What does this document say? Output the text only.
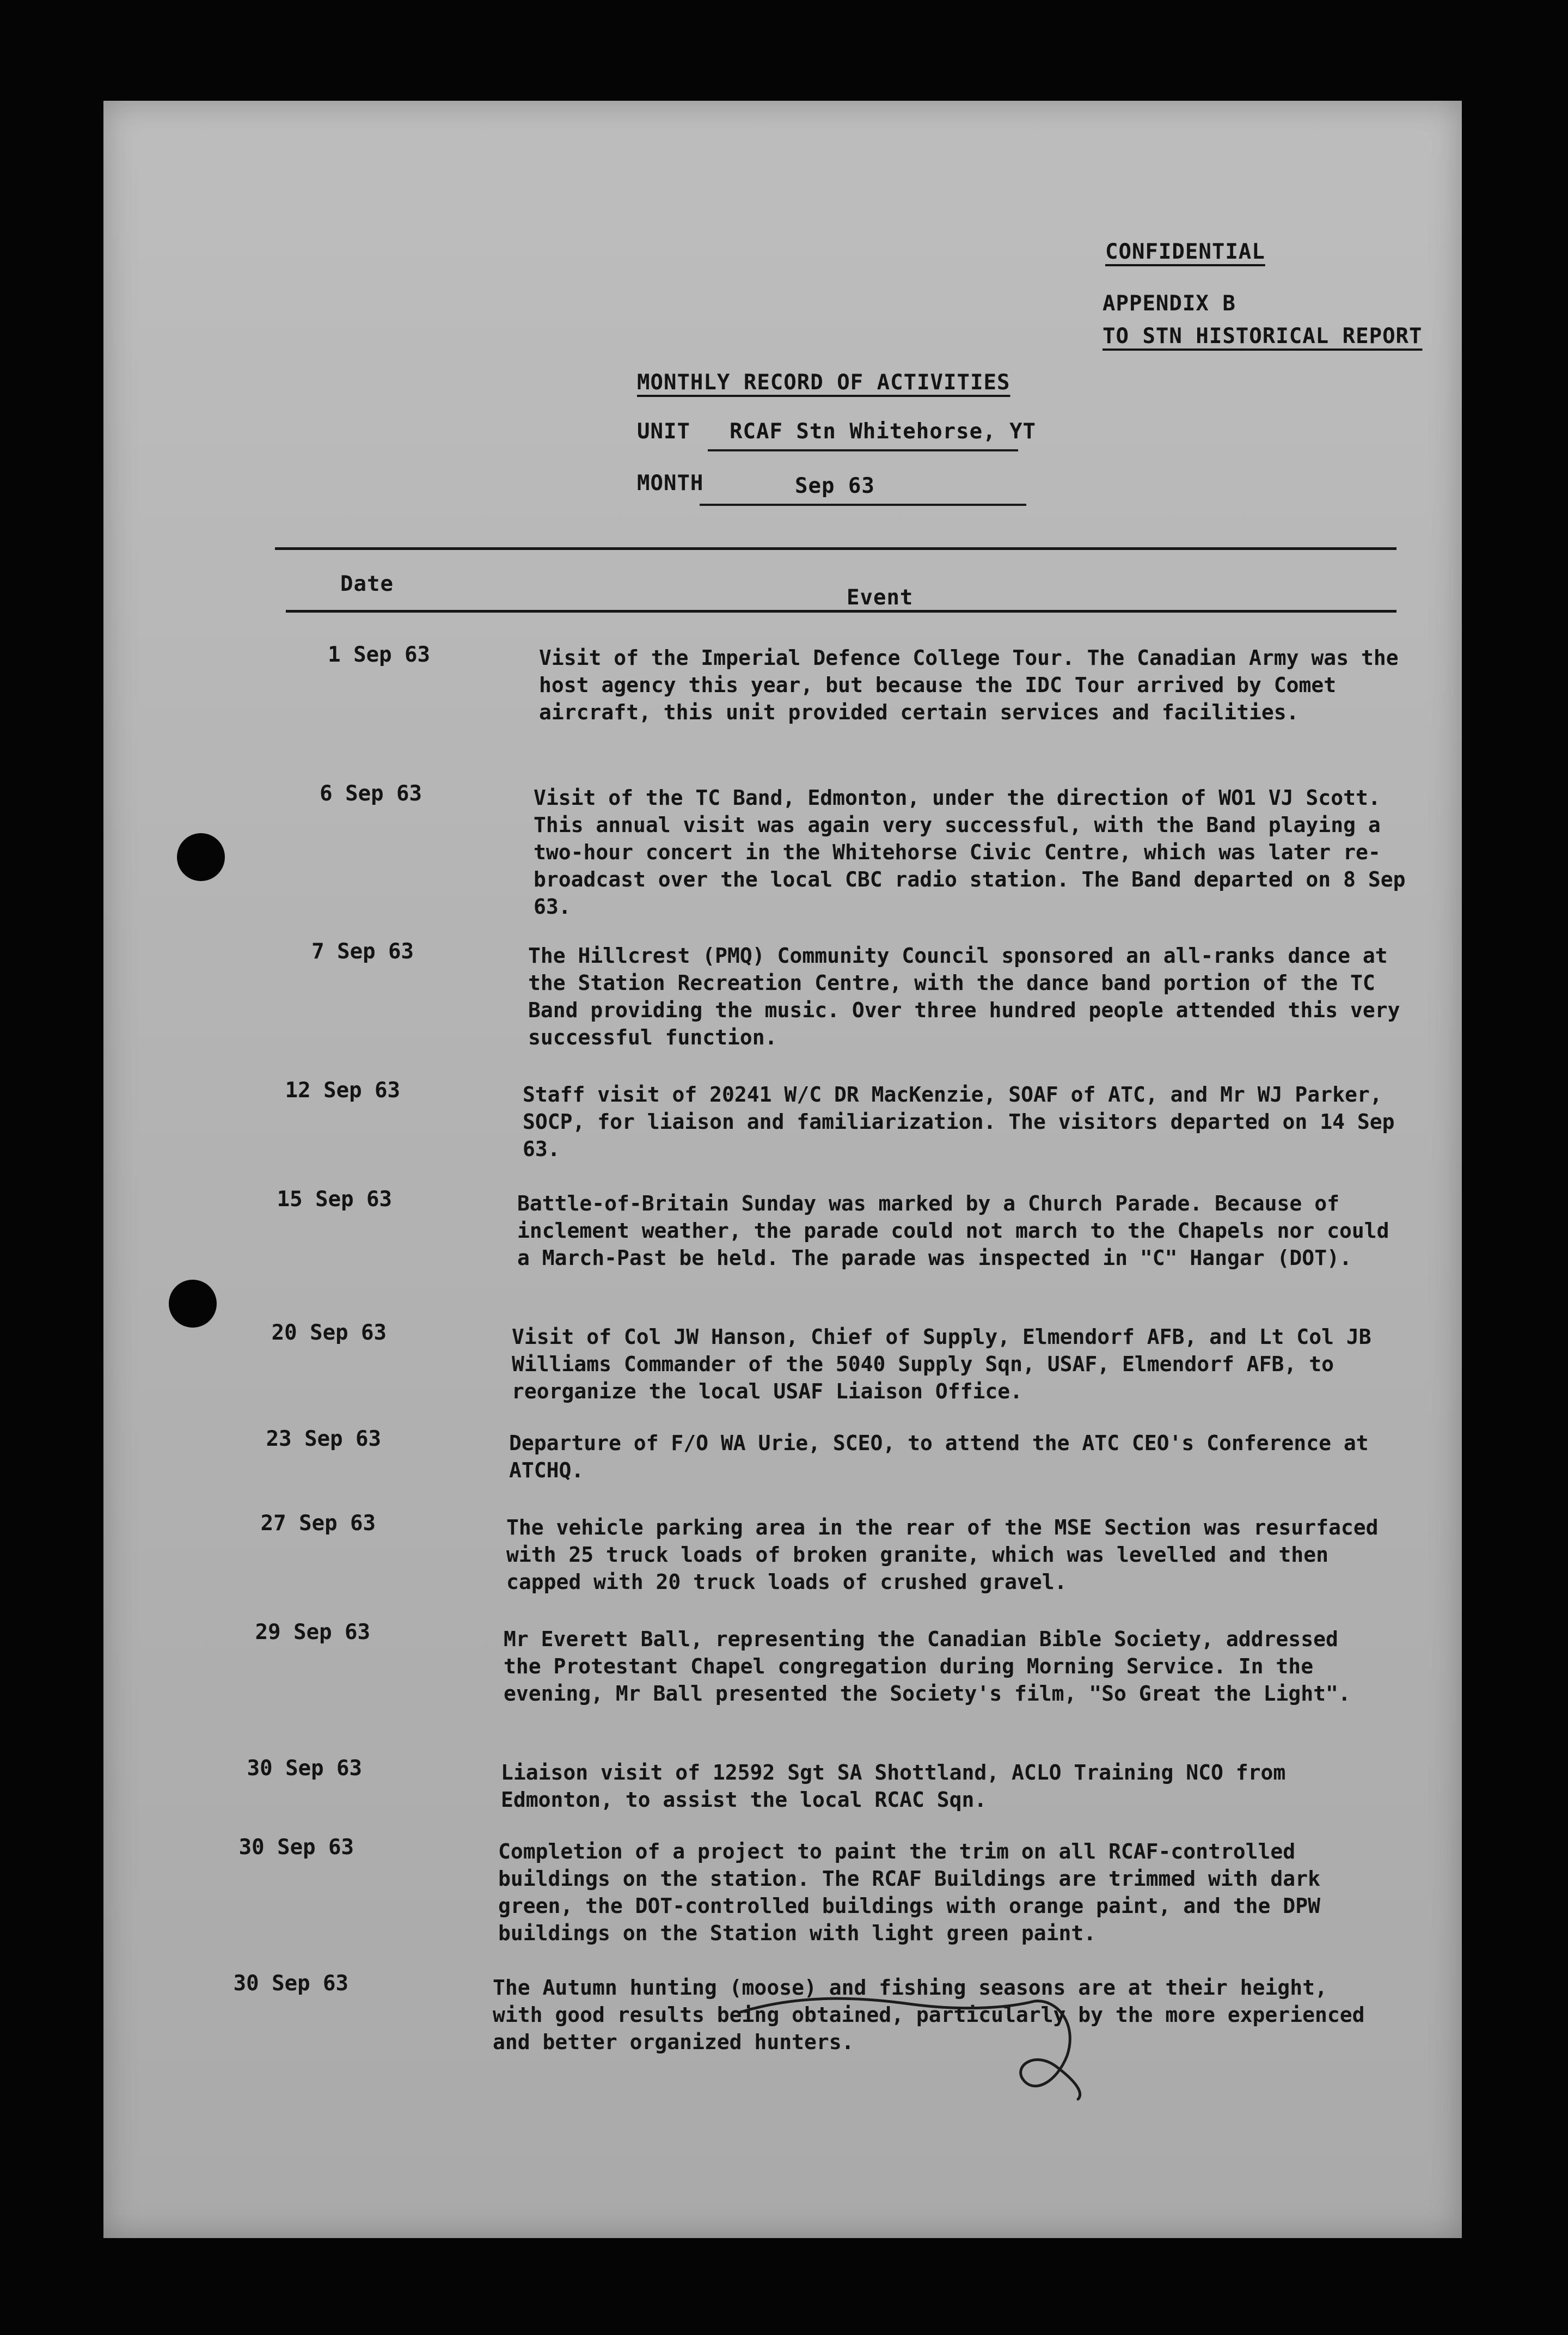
CONFIDENTIAL
APPENDIX B
TO STN HISTORICAL REPORT
MONTHLY RECORD OF ACTIVITIES
UNIT RCAF Stn Whitehorse, YT
MONTH	Sep 63
Date
Event
1 Sep 63	Visit of the Imperial Defence College Tour. The Canadian Army was the host agency this year, but because the IDC Tour arrived by Comet aircraft, this unit provided certain services and facilities.
6 Sep 63	Visit of the TC Band, Edmonton, under the direction of WO1 VJ Scott. This annual visit was again very successful, with the Band playing a two-hour concert in the Whitehorse Civic Centre, which was later re-broadcast over the local CBC radio station. The Band departed on 8 Sep 63.
7 Sep 63	The Hillcrest (PMQ) Community Council sponsored an all-ranks dance at the Station Recreation Centre, with the dance band portion of the TC Band providing the music. Over three hundred people attended this very successful function.
12 Sep 63	Staff visit of 20241 W/C DR MacKenzie, SOAF of ATC, and Mr WJ Parker, SOCP, for liaison and familiarization. The visitors departed on 14 Sep 63.
15 Sep 63	Battle-of-Britain Sunday was marked by a Church Parade. Because of inclement weather, the parade could not march to the Chapels nor could a March-Past be held. The parade was inspected in "C" Hangar (DOT).
20 Sep 63	Visit of Col JW Hanson, Chief of Supply, Elmendorf AFB, and Lt Col JB Williams Commander of the 5040 Supply Sqn, USAF, Elmendorf AFB, to reorganize the local USAF Liaison Office.
23 Sep 63	Departure of F/O WA Urie, SCEO, to attend the ATC CEO's Conference at ATCHQ.
27 Sep 63	The vehicle parking area in the rear of the MSE Section was resurfaced with 25 truck loads of broken granite, which was levelled and then capped with 20 truck loads of crushed gravel.
29 Sep 63	Mr Everett Ball, representing the Canadian Bible Society, addressed the Protestant Chapel congregation during Morning Service. In the evening, Mr Ball presented the Society's film, "So Great the Light".
30 Sep 63	Liaison visit of 12592 Sgt SA Shottland, ACLO Training NCO from Edmonton, to assist the local RCAC Sqn.
30 Sep 63	Completion of a project to paint the trim on all RCAF-controlled buildings on the station. The RCAF Buildings are trimmed with dark green, the DOT-controlled buildings with orange paint, and the DPW buildings on the Station with light green paint.
30 Sep 63	The Autumn hunting (moose) and fishing seasons are at their height, with good results being obtained, particularly by the more experienced and better organized hunters.
